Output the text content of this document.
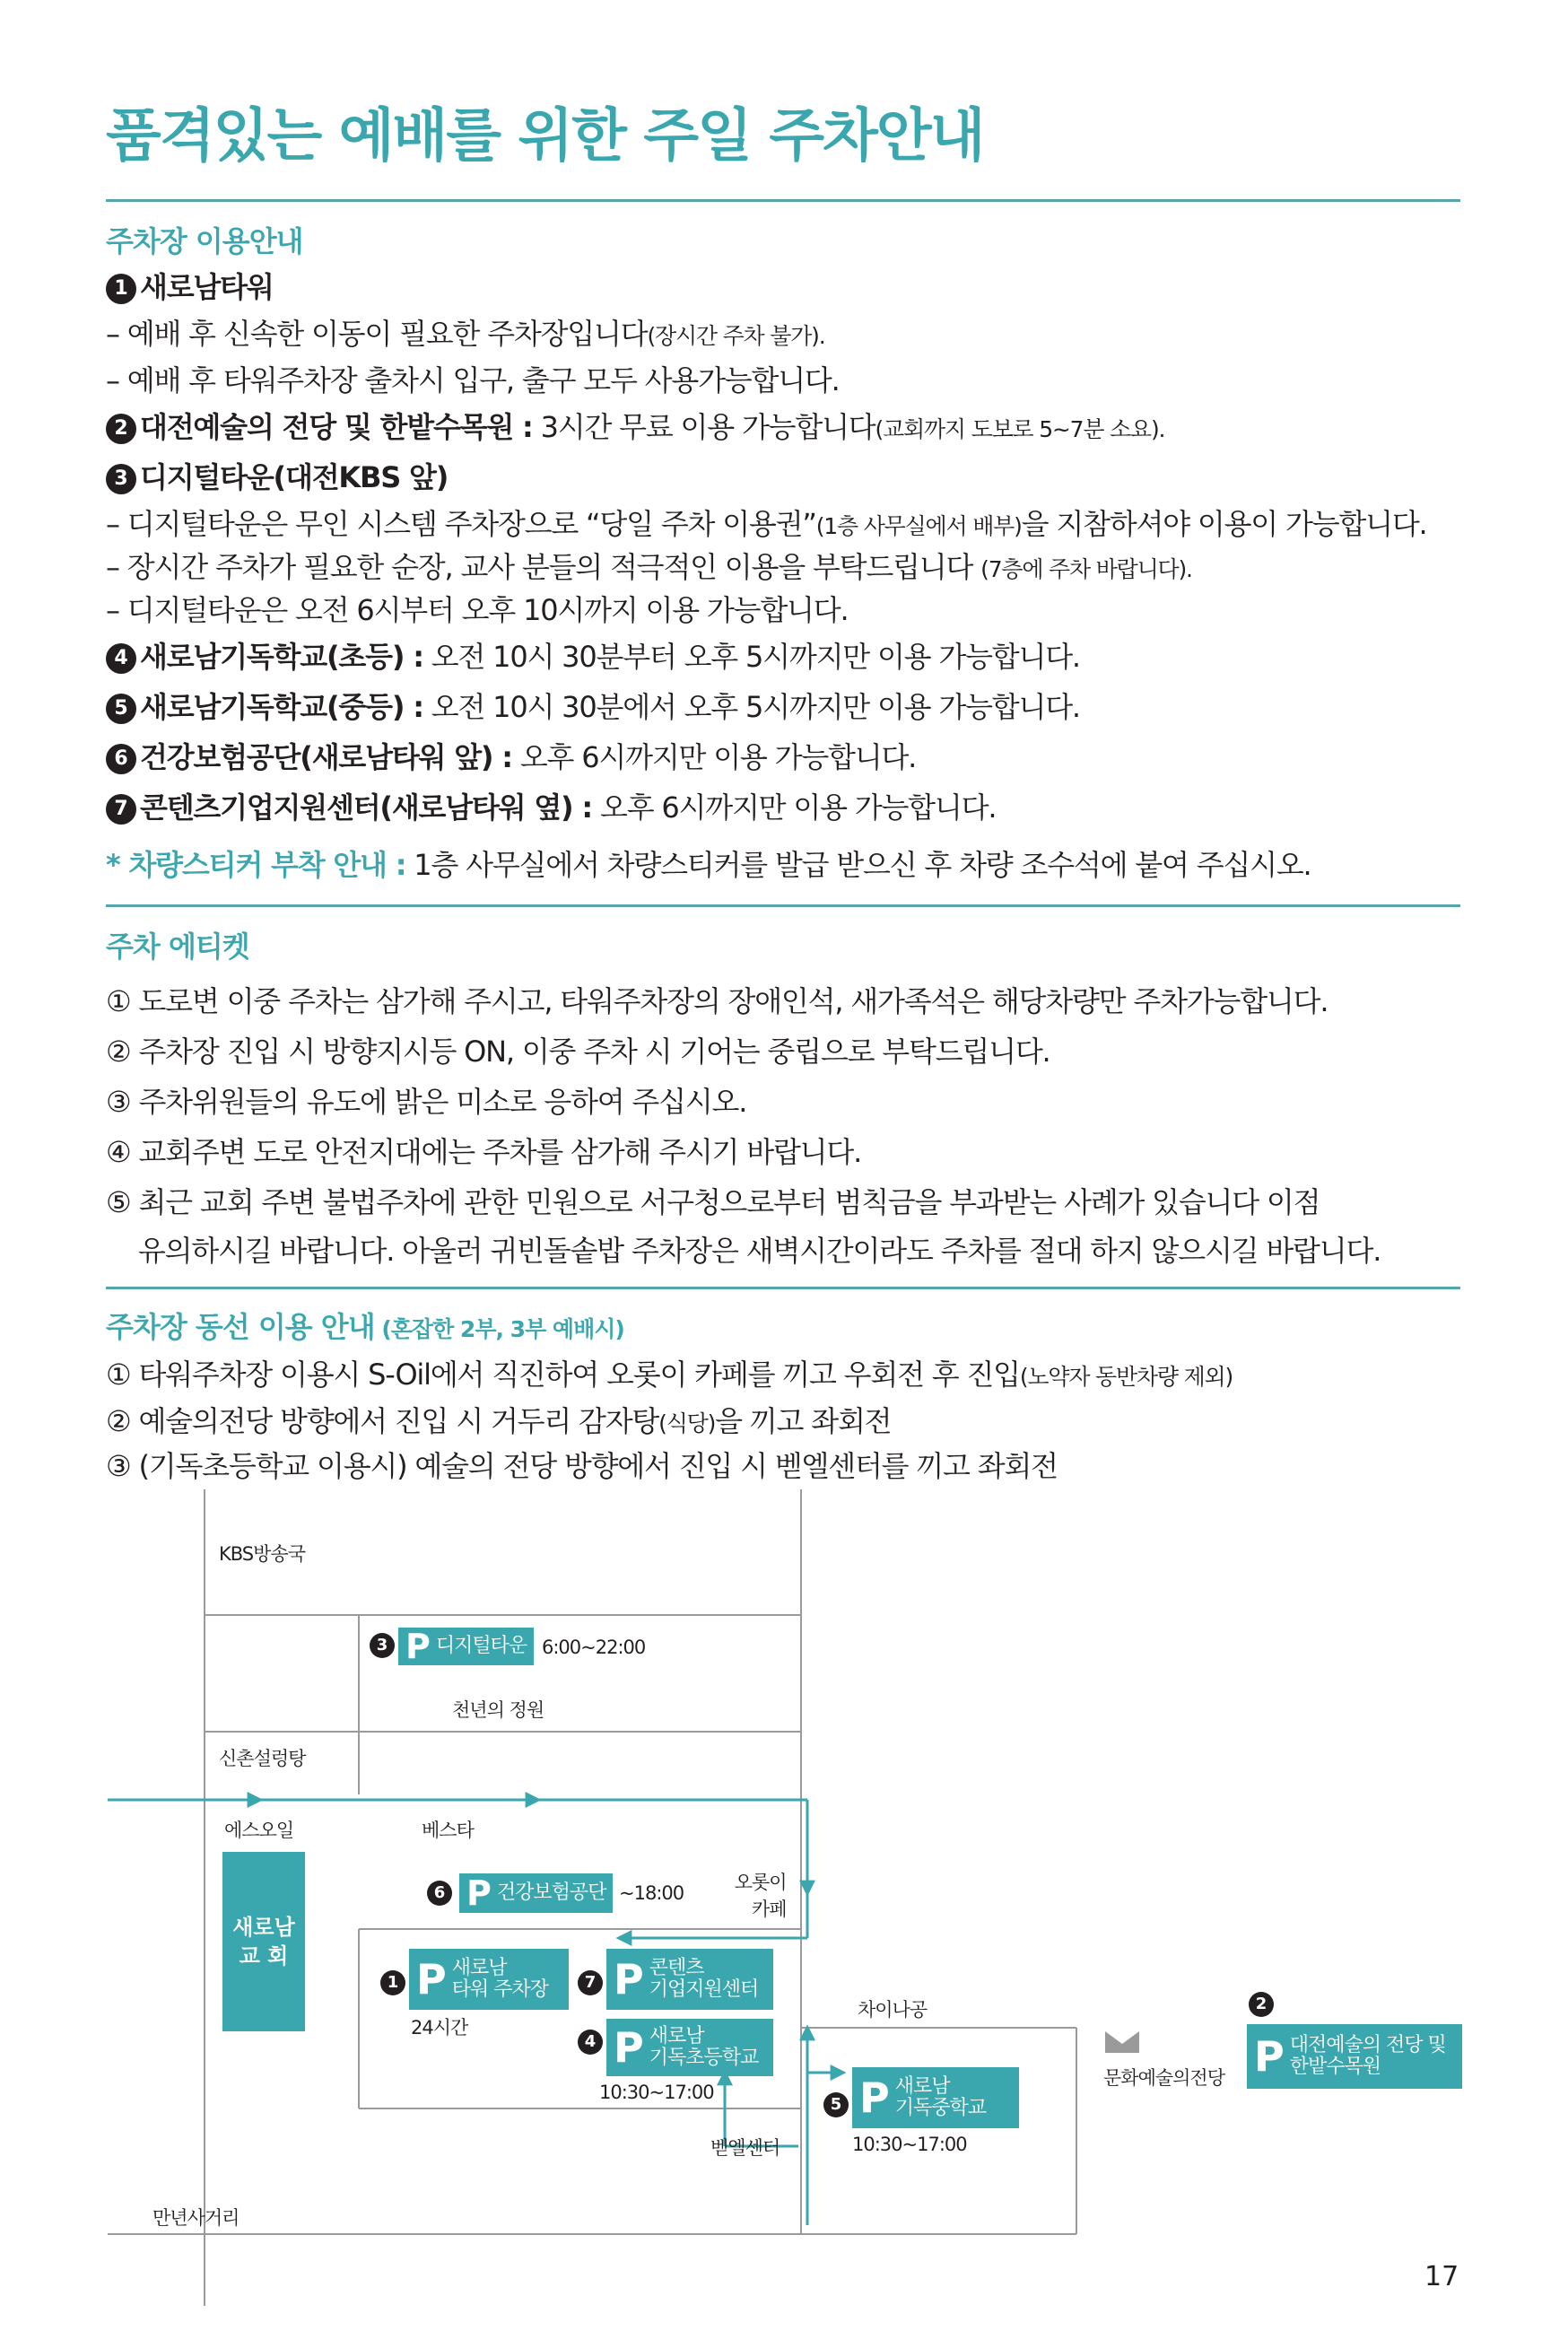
품격있는 예배를 위한 주일 주차안내
주차장 이용안내
1 새로남타워
– 예배 후 신속한 이동이 필요한 주차장입니다(장시간 주차 불가).
– 예배 후 타워주차장 출차시 입구, 출구 모두 사용가능합니다.
2 대전예술의 전당 및 한밭수목원 : 3시간 무료 이용 가능합니다(교회까지 도보로 5~7분 소요).
3 디지털타운(대전KBS 앞)
– 디지털타운은 무인 시스템 주차장으로 “당일 주차 이용권”(1층 사무실에서 배부)을 지참하셔야 이용이 가능합니다.
– 장시간 주차가 필요한 순장, 교사 분들의 적극적인 이용을 부탁드립니다 (7층에 주차 바랍니다).
– 디지털타운은 오전 6시부터 오후 10시까지 이용 가능합니다.
4 새로남기독학교(초등) : 오전 10시 30분부터 오후 5시까지만 이용 가능합니다.
5 새로남기독학교(중등) : 오전 10시 30분에서 오후 5시까지만 이용 가능합니다.
6 건강보험공단(새로남타워 앞) : 오후 6시까지만 이용 가능합니다.
7 콘텐츠기업지원센터(새로남타워 옆) : 오후 6시까지만 이용 가능합니다.
* 차량스티커 부착 안내 : 1층 사무실에서 차량스티커를 발급 받으신 후 차량 조수석에 붙여 주십시오.
주차 에티켓
① 도로변 이중 주차는 삼가해 주시고, 타워주차장의 장애인석, 새가족석은 해당차량만 주차가능합니다.
② 주차장 진입 시 방향지시등 ON, 이중 주차 시 기어는 중립으로 부탁드립니다.
③ 주차위원들의 유도에 밝은 미소로 응하여 주십시오.
④ 교회주변 도로 안전지대에는 주차를 삼가해 주시기 바랍니다.
⑤ 최근 교회 주변 불법주차에 관한 민원으로 서구청으로부터 범칙금을 부과받는 사례가 있습니다 이점
유의하시길 바랍니다. 아울러 귀빈돌솥밥 주차장은 새벽시간이라도 주차를 절대 하지 않으시길 바랍니다.
주차장 동선 이용 안내 (혼잡한 2부, 3부 예배시)
① 타워주차장 이용시 S-Oil에서 직진하여 오롯이 카페를 끼고 우회전 후 진입(노약자 동반차량 제외)
② 예술의전당 방향에서 진입 시 거두리 감자탕(식당)을 끼고 좌회전
③ (기독초등학교 이용시) 예술의 전당 방향에서 진입 시 벧엘센터를 끼고 좌회전
KBS방송국
3 P 디지털타운 6:00~22:00
천년의 정원
신촌설렁탕
에스오일	베스타
새로남
교 회
6 P 건강보험공단 ~18:00	오롯이
카페
1 P 새로남
타워 주차장
24시간
7 P 콘텐츠
기업지원센터
4 P 새로남
기독초등학교
10:30~17:00
5 P 새로남
기독중학교
10:30~17:00
벧엘센터
차이나공
문화예술의전당
2
P 대전예술의 전당 및
한밭수목원
만년사거리
17
